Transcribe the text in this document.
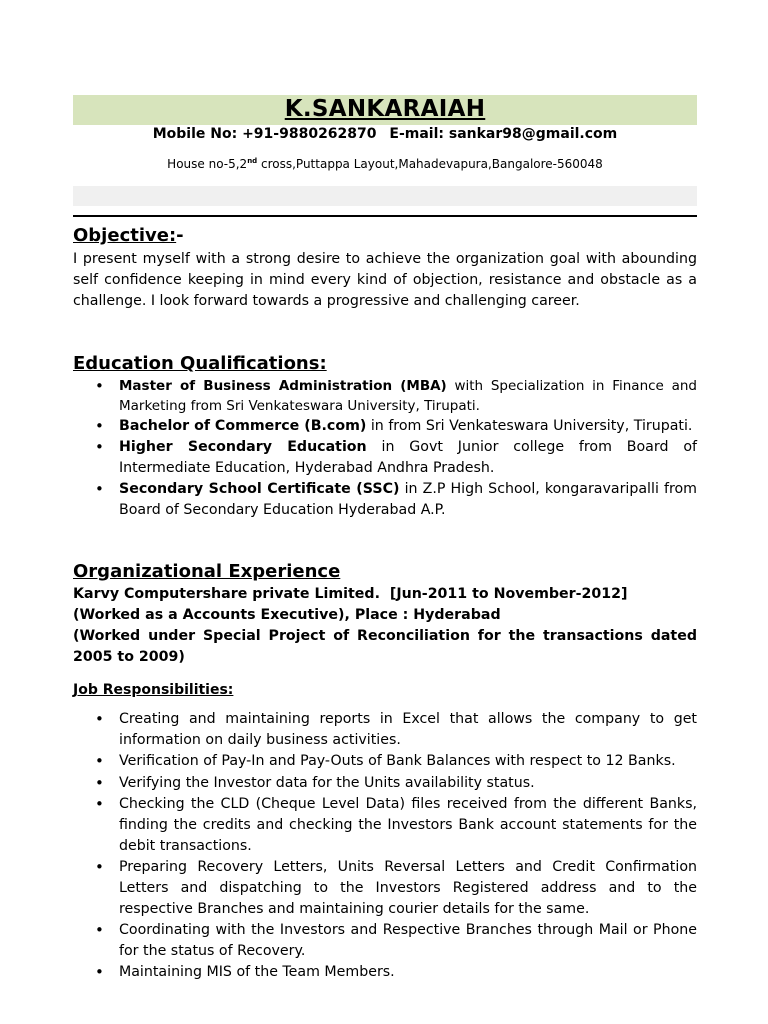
K.SANKARAIAH
Mobile No: +91-9880262870 E-mail: sankar98@gmail.com
House no-5,2nd cross,Puttappa Layout,Mahadevapura,Bangalore-560048
Objective:-
I present myself with a strong desire to achieve the organization goal with abounding self confidence keeping in mind every kind of objection, resistance and obstacle as a challenge. I look forward towards a progressive and challenging career.
Education Qualifications:
• Master of Business Administration (MBA) with Specialization in Finance and Marketing from Sri Venkateswara University, Tirupati.
• Bachelor of Commerce (B.com) in from Sri Venkateswara University, Tirupati.
• Higher Secondary Education in Govt Junior college from Board of Intermediate Education, Hyderabad Andhra Pradesh.
• Secondary School Certificate (SSC) in Z.P High School, kongaravaripalli from Board of Secondary Education Hyderabad A.P.
Organizational Experience
Karvy Computershare private Limited.  [Jun-2011 to November-2012]
(Worked as a Accounts Executive), Place : Hyderabad
(Worked under Special Project of Reconciliation for the transactions dated 2005 to 2009)
Job Responsibilities:
• Creating and maintaining reports in Excel that allows the company to get information on daily business activities.
• Verification of Pay-In and Pay-Outs of Bank Balances with respect to 12 Banks.
• Verifying the Investor data for the Units availability status.
• Checking the CLD (Cheque Level Data) files received from the different Banks, finding the credits and checking the Investors Bank account statements for the debit transactions.
• Preparing Recovery Letters, Units Reversal Letters and Credit Confirmation Letters and dispatching to the Investors Registered address and to the respective Branches and maintaining courier details for the same.
• Coordinating with the Investors and Respective Branches through Mail or Phone for the status of Recovery.
• Maintaining MIS of the Team Members.
